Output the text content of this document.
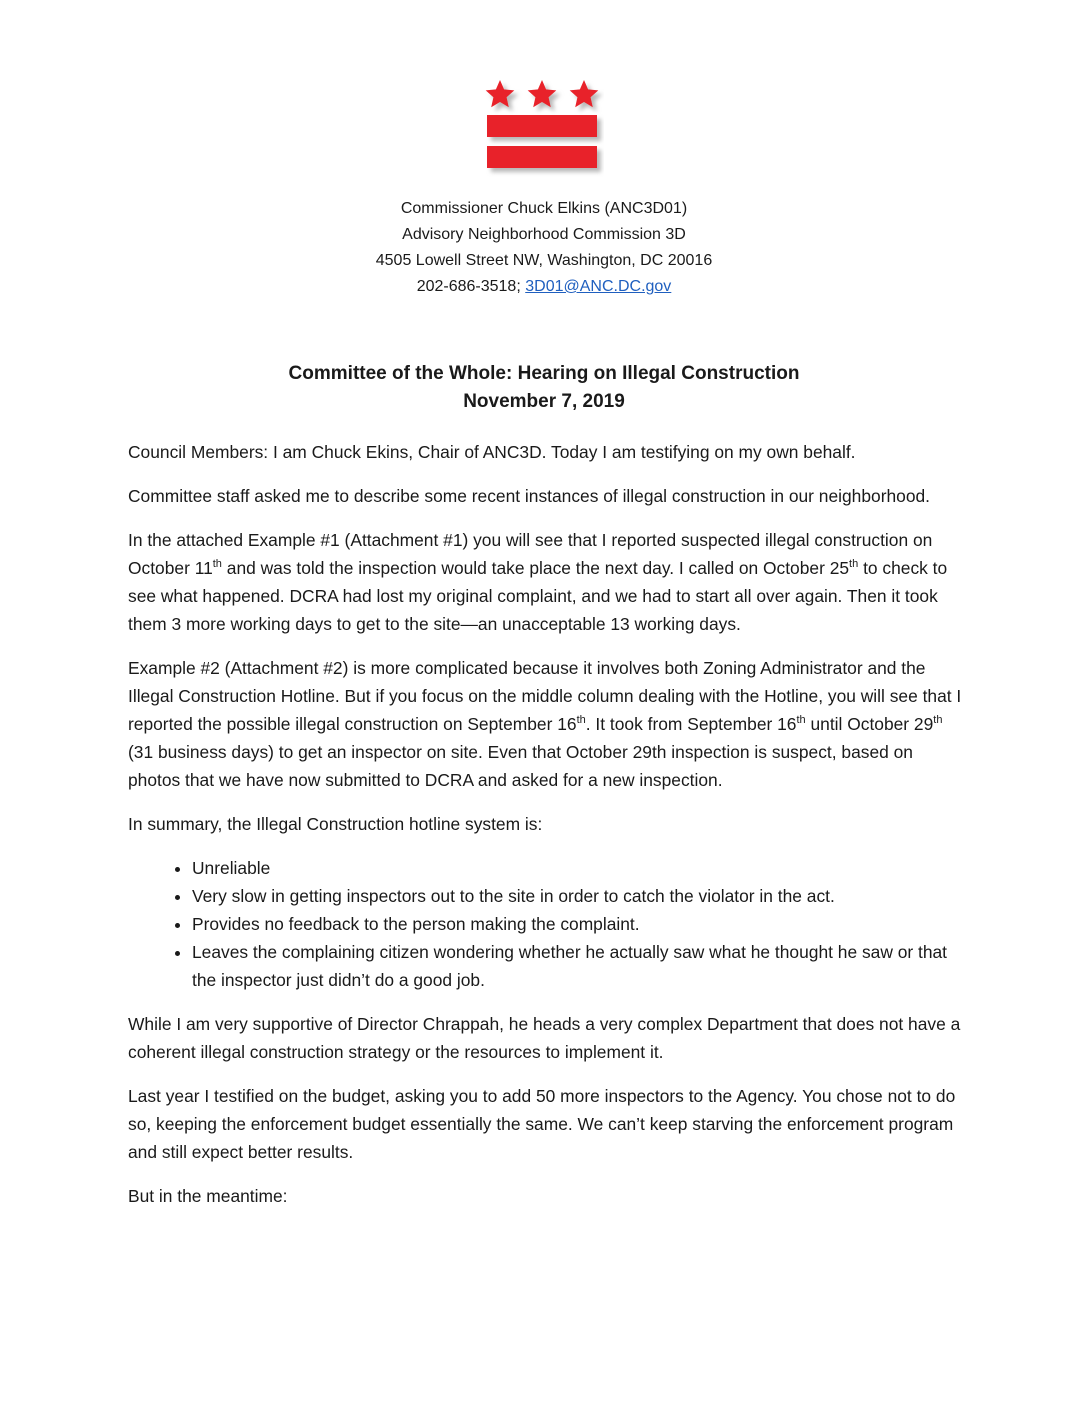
Commissioner Chuck Elkins (ANC3D01)
Advisory Neighborhood Commission 3D
4505 Lowell Street NW, Washington, DC 20016
202-686-3518; 3D01@ANC.DC.gov
Committee of the Whole: Hearing on Illegal Construction
November 7, 2019

Council Members: I am Chuck Ekins, Chair of ANC3D. Today I am testifying on my own behalf.

Committee staff asked me to describe some recent instances of illegal construction in our neighborhood.

In the attached Example #1 (Attachment #1) you will see that I reported suspected illegal construction on October 11th and was told the inspection would take place the next day. I called on October 25th to check to see what happened. DCRA had lost my original complaint, and we had to start all over again. Then it took them 3 more working days to get to the site—an unacceptable 13 working days.

Example #2 (Attachment #2) is more complicated because it involves both Zoning Administrator and the Illegal Construction Hotline. But if you focus on the middle column dealing with the Hotline, you will see that I reported the possible illegal construction on September 16th. It took from September 16th until October 29th (31 business days) to get an inspector on site. Even that October 29th inspection is suspect, based on photos that we have now submitted to DCRA and asked for a new inspection.

In summary, the Illegal Construction hotline system is:

• Unreliable
• Very slow in getting inspectors out to the site in order to catch the violator in the act.
• Provides no feedback to the person making the complaint.
• Leaves the complaining citizen wondering whether he actually saw what he thought he saw or that the inspector just didn’t do a good job.

While I am very supportive of Director Chrappah, he heads a very complex Department that does not have a coherent illegal construction strategy or the resources to implement it.

Last year I testified on the budget, asking you to add 50 more inspectors to the Agency. You chose not to do so, keeping the enforcement budget essentially the same. We can’t keep starving the enforcement program and still expect better results.

But in the meantime:
